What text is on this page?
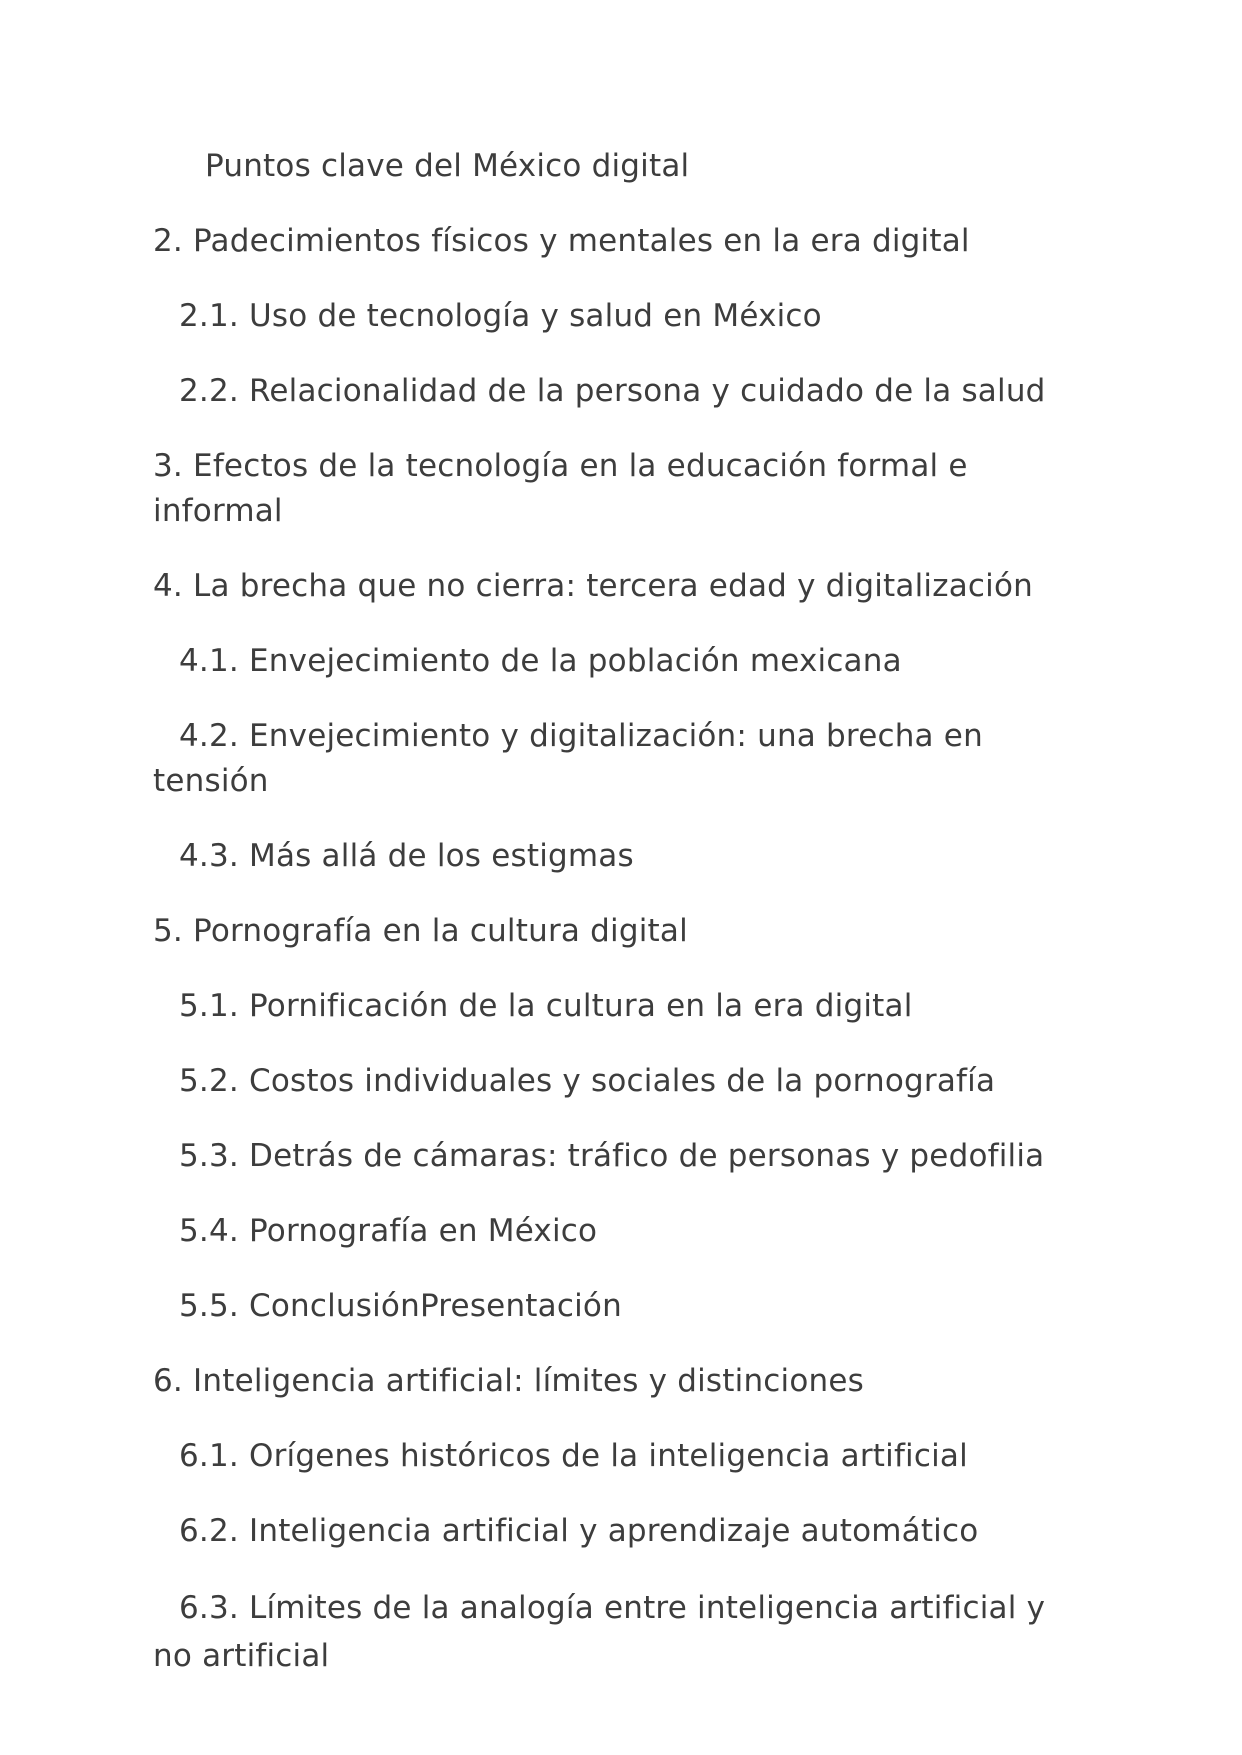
Puntos clave del México digital

2. Padecimientos físicos y mentales en la era digital

2.1. Uso de tecnología y salud en México

2.2. Relacionalidad de la persona y cuidado de la salud

3. Efectos de la tecnología en la educación formal e informal

4. La brecha que no cierra: tercera edad y digitalización

4.1. Envejecimiento de la población mexicana

4.2. Envejecimiento y digitalización: una brecha en tensión

4.3. Más allá de los estigmas

5. Pornografía en la cultura digital

5.1. Pornificación de la cultura en la era digital

5.2. Costos individuales y sociales de la pornografía

5.3. Detrás de cámaras: tráfico de personas y pedofilia

5.4. Pornografía en México

5.5. ConclusiónPresentación

6. Inteligencia artificial: límites y distinciones

6.1. Orígenes históricos de la inteligencia artificial

6.2. Inteligencia artificial y aprendizaje automático

6.3. Límites de la analogía entre inteligencia artificial y no artificial
